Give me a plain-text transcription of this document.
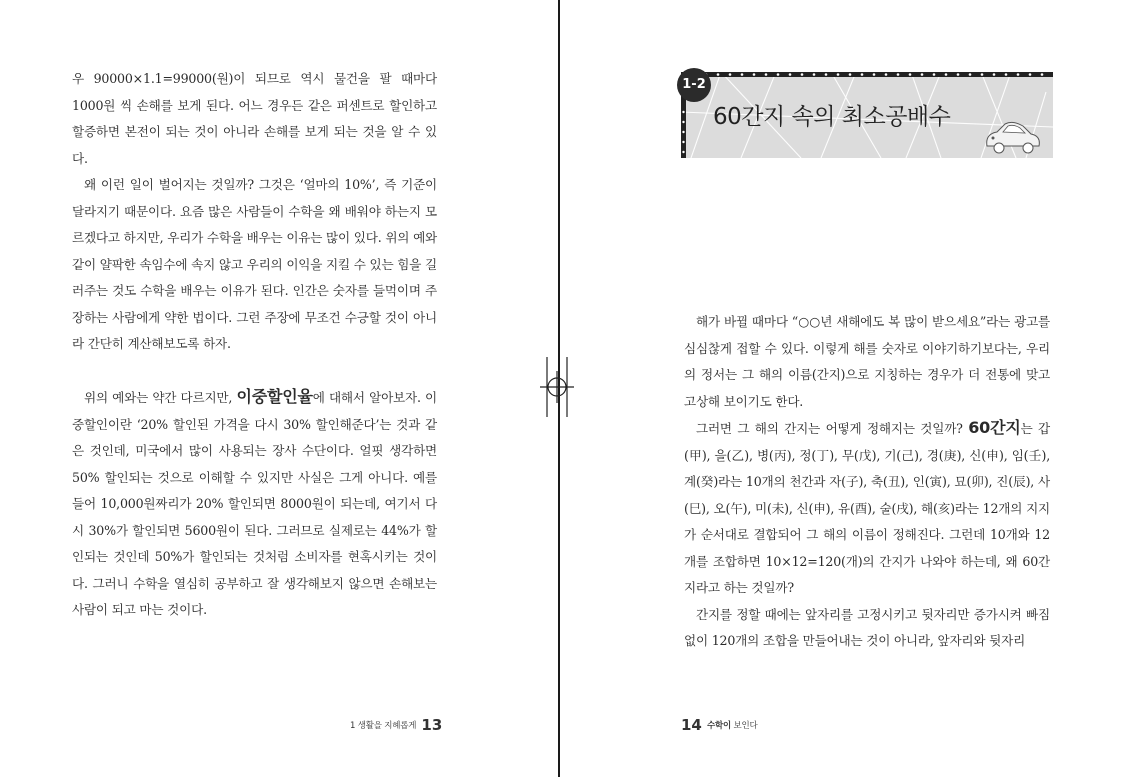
우 90000×1.1=99000(원)이 되므로 역시 물건을 팔 때마다 1000원 씩 손해를 보게 된다. 어느 경우든 같은 퍼센트로 할인하고 할증하면 본전이 되는 것이 아니라 손해를 보게 되는 것을 알 수 있다.

왜 이런 일이 벌어지는 것일까? 그것은 ‘얼마의 10%’, 즉 기준이 달라지기 때문이다. 요즘 많은 사람들이 수학을 왜 배워야 하는지 모르겠다고 하지만, 우리가 수학을 배우는 이유는 많이 있다. 위의 예와 같이 얄팍한 속임수에 속지 않고 우리의 이익을 지킬 수 있는 힘을 길러주는 것도 수학을 배우는 이유가 된다. 인간은 숫자를 들먹이며 주장하는 사람에게 약한 법이다. 그런 주장에 무조건 수긍할 것이 아니라 간단히 계산해보도록 하자.

위의 예와는 약간 다르지만, 이중할인율에 대해서 알아보자. 이중할인이란 ‘20% 할인된 가격을 다시 30% 할인해준다’는 것과 같은 것인데, 미국에서 많이 사용되는 장사 수단이다. 얼핏 생각하면 50% 할인되는 것으로 이해할 수 있지만 사실은 그게 아니다. 예를 들어 10,000원짜리가 20% 할인되면 8000원이 되는데, 여기서 다시 30%가 할인되면 5600원이 된다. 그러므로 실제로는 44%가 할인되는 것인데 50%가 할인되는 것처럼 소비자를 현혹시키는 것이다. 그러니 수학을 열심히 공부하고 잘 생각해보지 않으면 손해보는 사람이 되고 마는 것이다.

1 생활을 지혜롭게 13
1-2
60간지 속의 최소공배수

해가 바뀔 때마다 “○○년 새해에도 복 많이 받으세요”라는 광고를 심심찮게 접할 수 있다. 이렇게 해를 숫자로 이야기하기보다는, 우리의 정서는 그 해의 이름(간지)으로 지칭하는 경우가 더 전통에 맞고 고상해 보이기도 한다.

그러면 그 해의 간지는 어떻게 정해지는 것일까? 60간지는 갑(甲), 을(乙), 병(丙), 정(丁), 무(戊), 기(己), 경(庚), 신(申), 임(壬), 계(癸)라는 10개의 천간과 자(子), 축(丑), 인(寅), 묘(卯), 진(辰), 사(巳), 오(午), 미(未), 신(申), 유(酉), 술(戌), 해(亥)라는 12개의 지지가 순서대로 결합되어 그 해의 이름이 정해진다. 그런데 10개와 12개를 조합하면 10×12=120(개)의 간지가 나와야 하는데, 왜 60간지라고 하는 것일까?

간지를 정할 때에는 앞자리를 고정시키고 뒷자리만 증가시켜 빠짐없이 120개의 조합을 만들어내는 것이 아니라, 앞자리와 뒷자리

14 수학이 보인다
